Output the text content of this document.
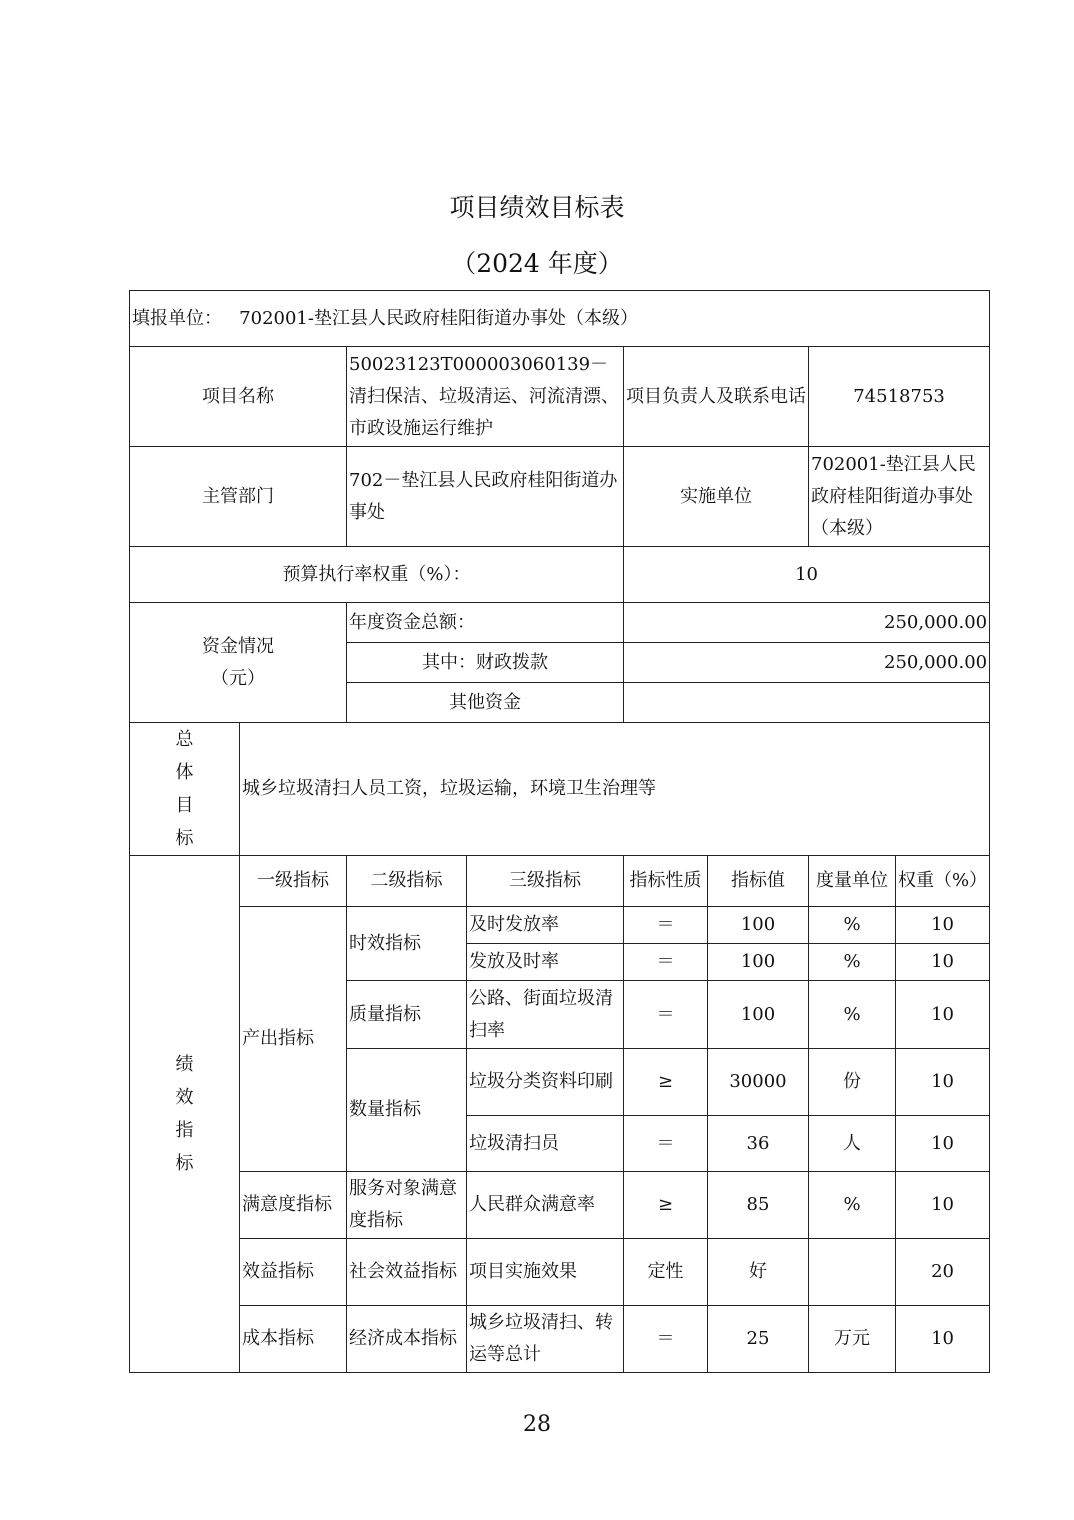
项目绩效目标表
（2024 年度）
填报单位： 702001-垫江县人民政府桂阳街道办事处（本级）							
项目名称		50023123T000003060139－清扫保洁、垃圾清运、河流清漂、市政设施运行维护		项目负责人及联系电话		74518753	
主管部门		702－垫江县人民政府桂阳街道办事处		实施单位		702001-垫江县人民政府桂阳街道办事处（本级）	
预算执行率权重（%）：				10			

资金情况
（元）		年度资金总额：		250,000.00			
		其中：财政拨款		250,000.00			
		其他资金					

总
体
目
标	城乡垃圾清扫人员工资，垃圾运输，环境卫生治理等						

绩
效
指
标	一级指标	二级指标	三级指标	指标性质	指标值	度量单位	权重（%）
	产出指标	时效指标	及时发放率	＝	100	%	10
			发放及时率	＝	100	%	10
		质量指标	公路、街面垃圾清扫率	＝	100	%	10
		数量指标	垃圾分类资料印刷	≥	30000	份	10
			垃圾清扫员	＝	36	人	10
	满意度指标	服务对象满意度指标	人民群众满意率	≥	85	%	10
	效益指标	社会效益指标	项目实施效果	定性	好		20
	成本指标	经济成本指标	城乡垃圾清扫、转运等总计	＝	25	万元	10
28
